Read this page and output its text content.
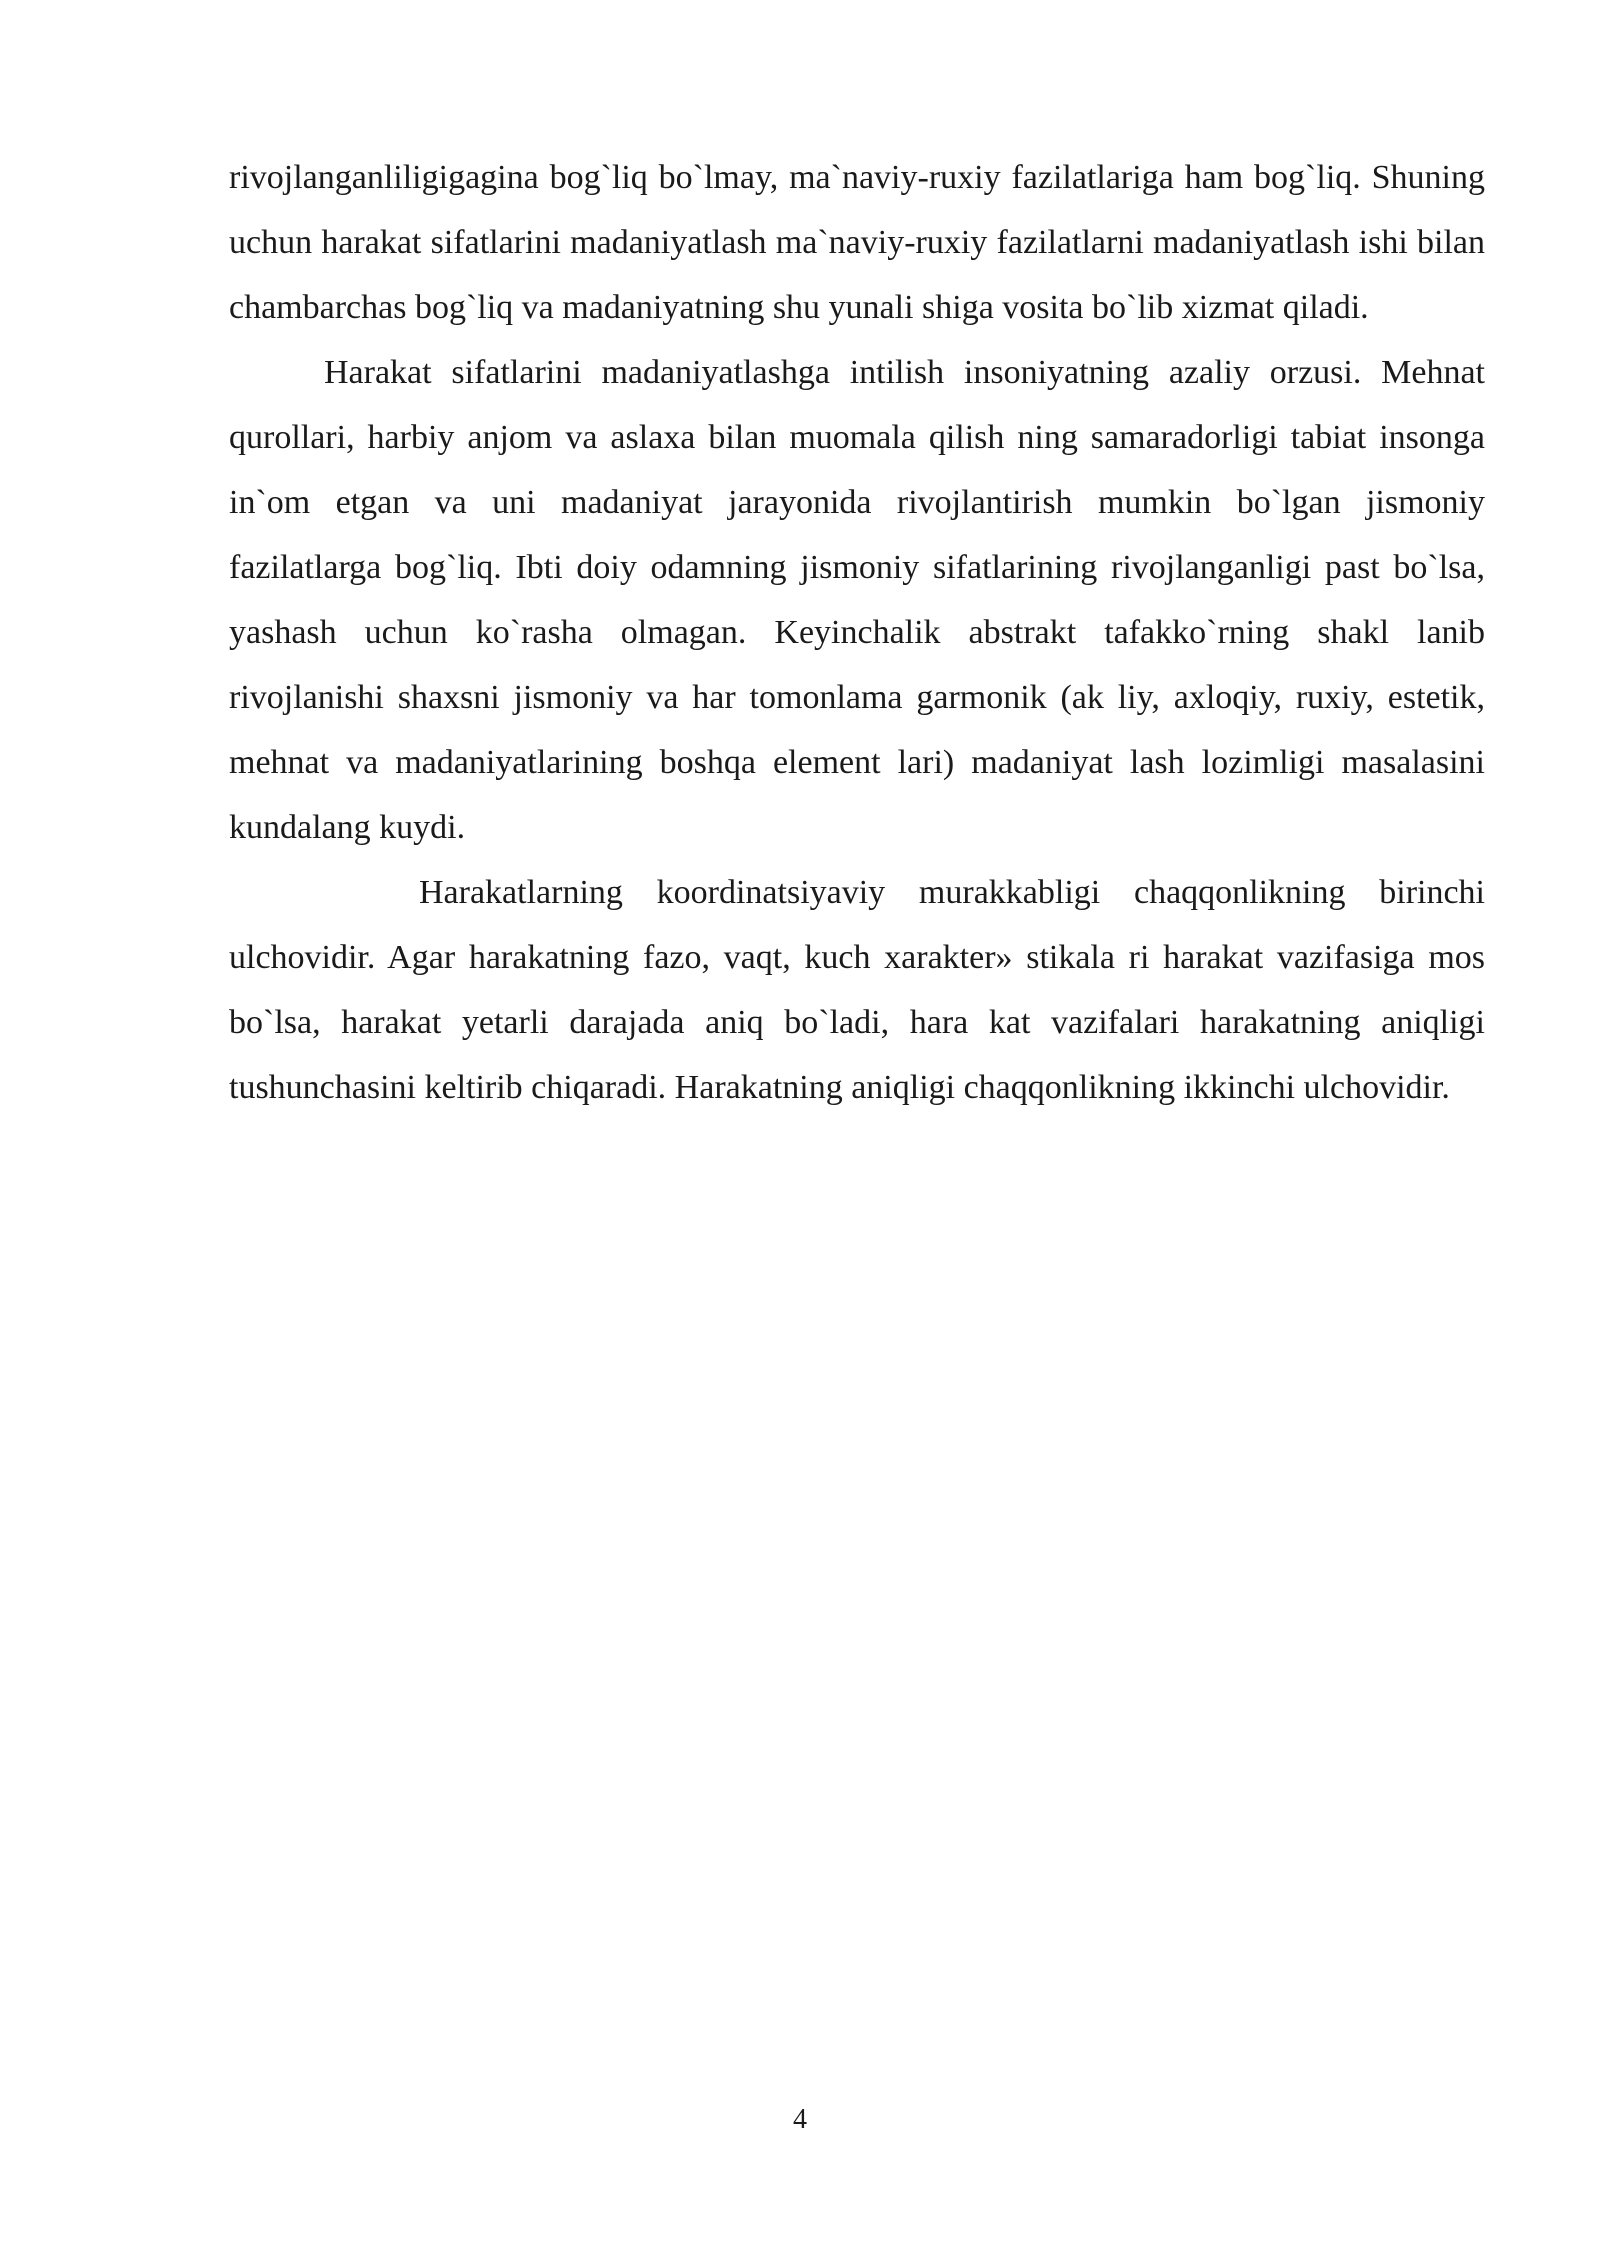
rivojlanganliligigagina bog`liq bo`lmay, ma`naviy-ruxiy fazilatlariga ham bog`liq. Shuning uchun harakat sifatlarini madaniyatlash ma`naviy-ruxiy fazilatlarni madaniyatlash ishi bilan chambarchas bog`liq va madaniyatning shu yunali shiga vosita bo`lib xizmat qiladi.

Harakat sifatlarini madaniyatlashga intilish insoniyatning azaliy orzusi. Mehnat qurollari, harbiy anjom va aslaxa bilan muomala qilish ning samaradorligi tabiat insonga in`om etgan va uni madaniyat jarayonida rivojlantirish mumkin bo`lgan jismoniy fazilatlarga bog`liq. Ibti doiy odamning jismoniy sifatlarining rivojlanganligi past bo`lsa, yashash uchun ko`rasha olmagan. Keyinchalik abstrakt tafakko`rning shakl lanib rivojlanishi shaxsni jismoniy va har tomonlama garmonik (ak liy, axloqiy, ruxiy, estetik, mehnat va madaniyatlarining boshqa element lari) madaniyat lash lozimligi masalasini kundalang kuydi.

Harakatlarning koordinatsiyaviy murakkabligi chaqqonlikning birinchi ulchovidir. Agar harakatning fazo, vaqt, kuch xarakter» stikala ri harakat vazifasiga mos bo`lsa, harakat yetarli darajada aniq bo`ladi, hara kat vazifalari harakatning aniqligi tushunchasini keltirib chiqaradi. Harakatning aniqligi chaqqonlikning ikkinchi ulchovidir.

4
